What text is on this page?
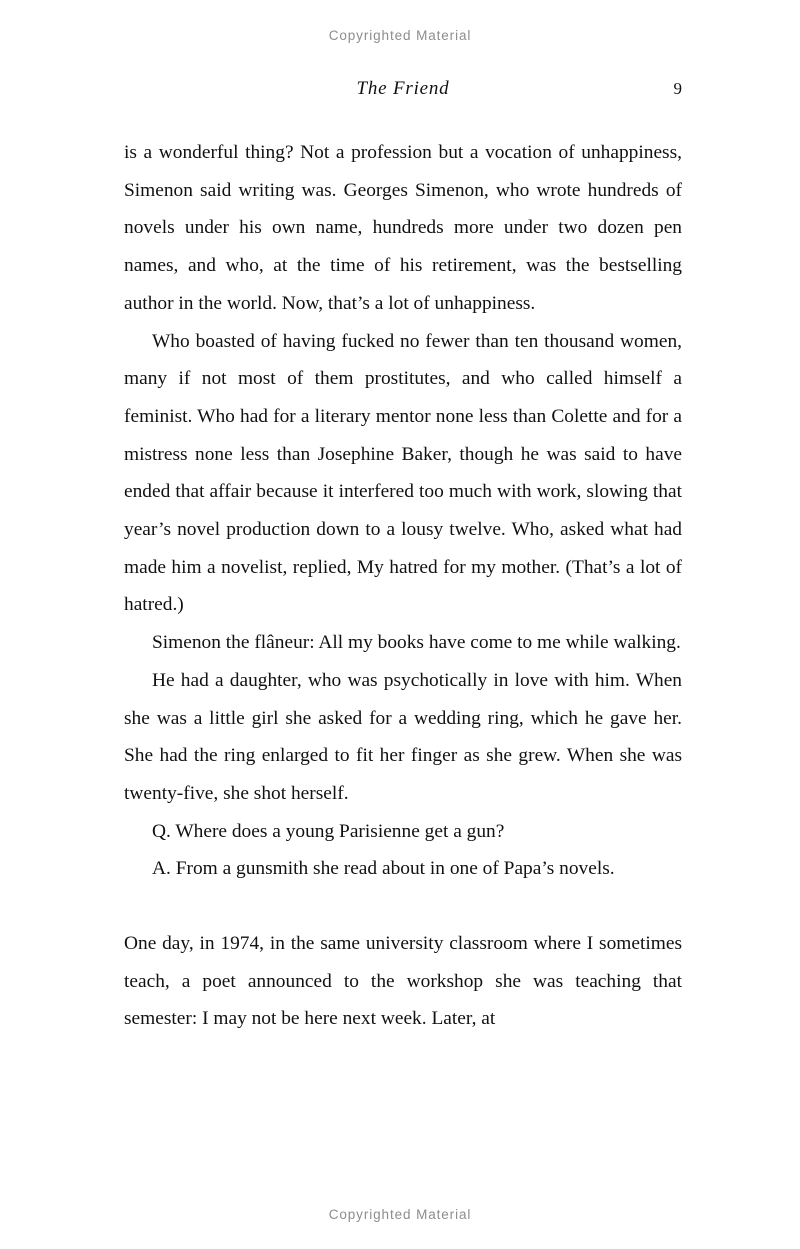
Copyrighted Material
The Friend	9

is a wonderful thing? Not a profession but a vocation of unhappiness, Simenon said writing was. Georges Simenon, who wrote hundreds of novels under his own name, hundreds more under two dozen pen names, and who, at the time of his retirement, was the bestselling author in the world. Now, that’s a lot of unhappiness.

Who boasted of having fucked no fewer than ten thousand women, many if not most of them prostitutes, and who called himself a feminist. Who had for a literary mentor none less than Colette and for a mistress none less than Josephine Baker, though he was said to have ended that affair because it interfered too much with work, slowing that year’s novel production down to a lousy twelve. Who, asked what had made him a novelist, replied, My hatred for my mother. (That’s a lot of hatred.)

Simenon the flâneur: All my books have come to me while walking.

He had a daughter, who was psychotically in love with him. When she was a little girl she asked for a wedding ring, which he gave her. She had the ring enlarged to fit her finger as she grew. When she was twenty-five, she shot herself.

Q. Where does a young Parisienne get a gun?

A. From a gunsmith she read about in one of Papa’s novels.

One day, in 1974, in the same university classroom where I sometimes teach, a poet announced to the workshop she was teaching that semester: I may not be here next week. Later, at

Copyrighted Material
